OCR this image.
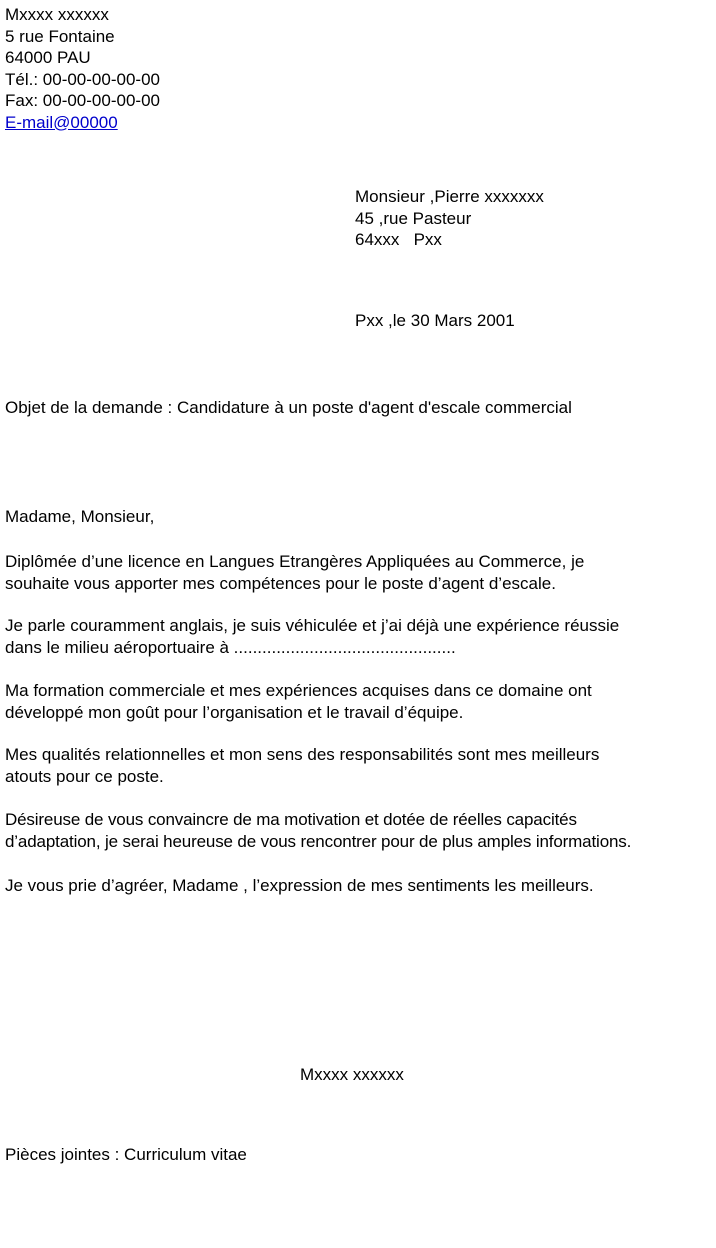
Mxxxx xxxxxx
5 rue Fontaine
64000 PAU
Tél.: 00-00-00-00-00
Fax: 00-00-00-00-00
E-mail@00000
Monsieur ,Pierre xxxxxxx
45 ,rue Pasteur
64xxx   Pxx
Pxx ,le 30 Mars 2001
Objet de la demande : Candidature à un poste d'agent d'escale commercial
Madame, Monsieur,
Diplômée d’une licence en Langues Etrangères Appliquées au Commerce, je
souhaite vous apporter mes compétences pour le poste d’agent d’escale.
Je parle couramment anglais, je suis véhiculée et j’ai déjà une expérience réussie
dans le milieu aéroportuaire à ...............................................
Ma formation commerciale et mes expériences acquises dans ce domaine ont
développé mon goût pour l’organisation et le travail d’équipe.
Mes qualités relationnelles et mon sens des responsabilités sont mes meilleurs
atouts pour ce poste.
Désireuse de vous convaincre de ma motivation et dotée de réelles capacités
d’adaptation, je serai heureuse de vous rencontrer pour de plus amples informations.
Je vous prie d’agréer, Madame , l’expression de mes sentiments les meilleurs.
Mxxxx xxxxxx
Pièces jointes : Curriculum vitae
